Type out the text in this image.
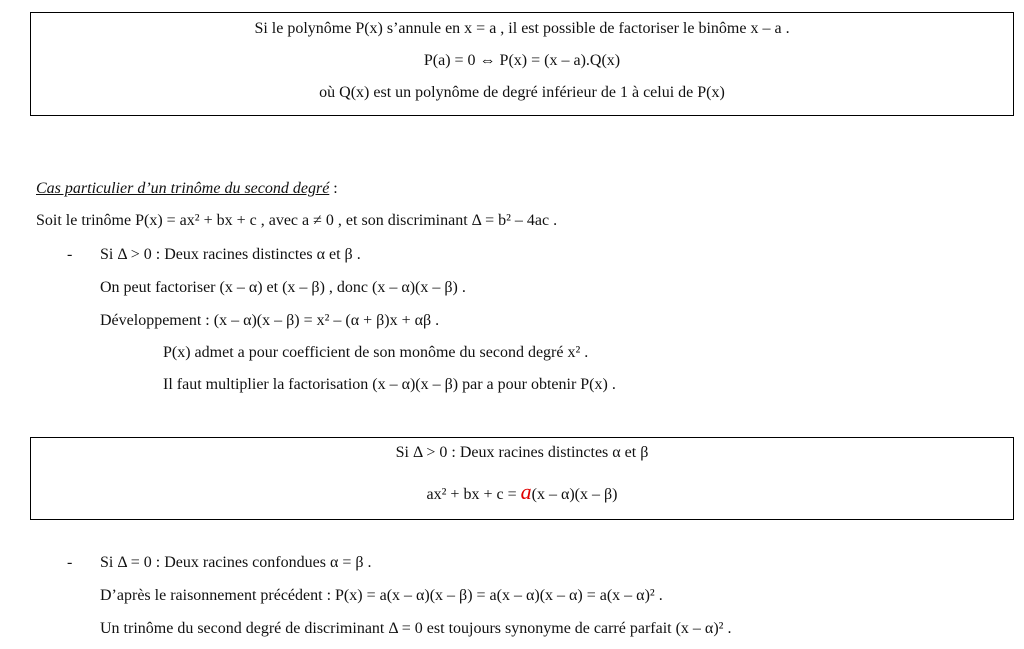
Si le polynôme P(x) s’annule en x = a , il est possible de factoriser le binôme x – a .
P(a) = 0 ⇔ P(x) = (x – a).Q(x)
où Q(x) est un polynôme de degré inférieur de 1 à celui de P(x)
Cas particulier d’un trinôme du second degré :
Soit le trinôme P(x) = ax² + bx + c , avec a ≠ 0 , et son discriminant Δ = b² – 4ac .
- Si Δ > 0 : Deux racines distinctes α et β .
On peut factoriser (x – α) et (x – β) , donc (x – α)(x – β) .
Développement : (x – α)(x – β) = x² – (α + β)x + αβ .
P(x) admet a pour coefficient de son monôme du second degré x² .
Il faut multiplier la factorisation (x – α)(x – β) par a pour obtenir P(x) .
Si Δ > 0 : Deux racines distinctes α et β
ax² + bx + c = a(x – α)(x – β)
- Si Δ = 0 : Deux racines confondues α = β .
D’après le raisonnement précédent : P(x) = a(x – α)(x – β) = a(x – α)(x – α) = a(x – α)² .
Un trinôme du second degré de discriminant Δ = 0 est toujours synonyme de carré parfait (x – α)² .
